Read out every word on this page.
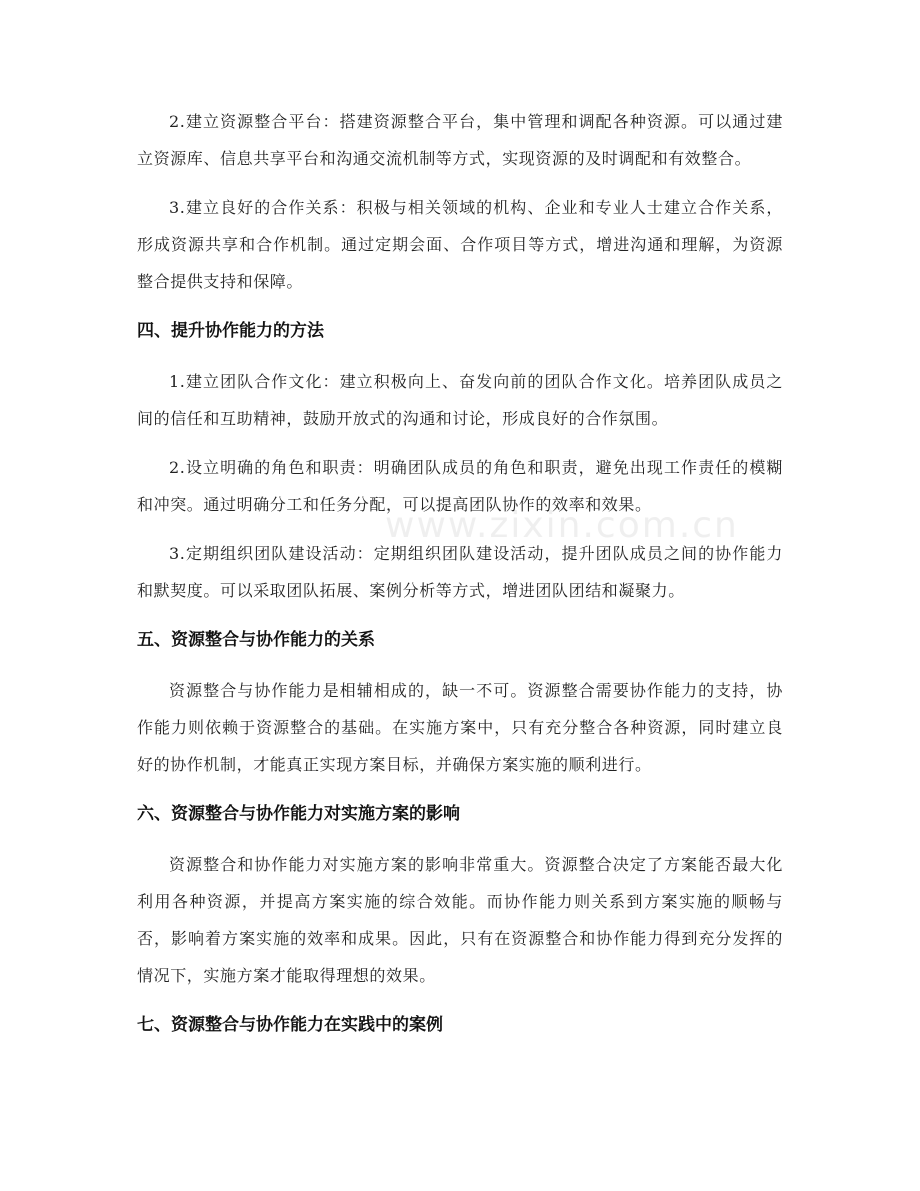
www.zixin.com.cn

2.建立资源整合平台：搭建资源整合平台，集中管理和调配各种资源。可以通过建立资源库、信息共享平台和沟通交流机制等方式，实现资源的及时调配和有效整合。

3.建立良好的合作关系：积极与相关领域的机构、企业和专业人士建立合作关系，形成资源共享和合作机制。通过定期会面、合作项目等方式，增进沟通和理解，为资源整合提供支持和保障。

四、提升协作能力的方法

1.建立团队合作文化：建立积极向上、奋发向前的团队合作文化。培养团队成员之间的信任和互助精神，鼓励开放式的沟通和讨论，形成良好的合作氛围。

2.设立明确的角色和职责：明确团队成员的角色和职责，避免出现工作责任的模糊和冲突。通过明确分工和任务分配，可以提高团队协作的效率和效果。

3.定期组织团队建设活动：定期组织团队建设活动，提升团队成员之间的协作能力和默契度。可以采取团队拓展、案例分析等方式，增进团队团结和凝聚力。

五、资源整合与协作能力的关系

资源整合与协作能力是相辅相成的，缺一不可。资源整合需要协作能力的支持，协作能力则依赖于资源整合的基础。在实施方案中，只有充分整合各种资源，同时建立良好的协作机制，才能真正实现方案目标，并确保方案实施的顺利进行。

六、资源整合与协作能力对实施方案的影响

资源整合和协作能力对实施方案的影响非常重大。资源整合决定了方案能否最大化利用各种资源，并提高方案实施的综合效能。而协作能力则关系到方案实施的顺畅与否，影响着方案实施的效率和成果。因此，只有在资源整合和协作能力得到充分发挥的情况下，实施方案才能取得理想的效果。

七、资源整合与协作能力在实践中的案例
